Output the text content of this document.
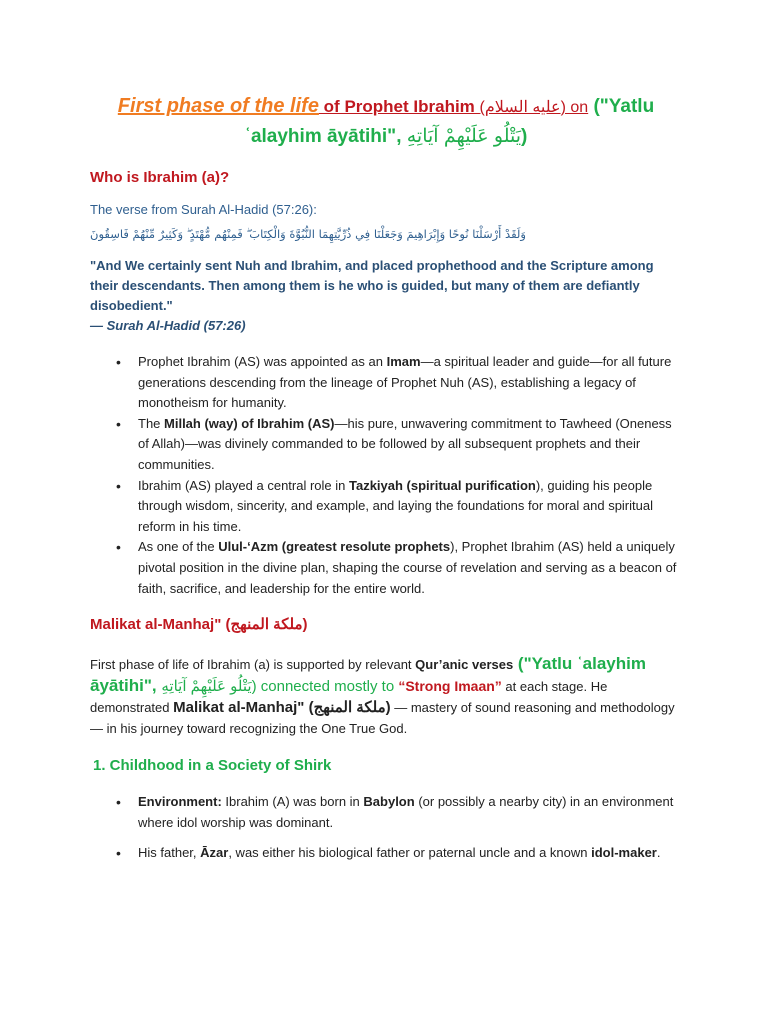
First phase of the life of Prophet Ibrahim (عليه السلام) on ("Yatlu ʿalayhim āyātihi", يَتْلُو عَلَيْهِمْ آيَاتِهِ)
Who is Ibrahim (a)?
The verse from Surah Al-Hadid (57:26):
وَلَقَدْ أَرْسَلْنَا نُوحًا وَإِبْرَاهِيمَ وَجَعَلْنَا فِي ذُرِّيَّتِهِمَا النُّبُوَّةَ وَالْكِتَابَ ۖ فَمِنْهُم مُّهْتَدٍ ۖ وَكَثِيرٌ مِّنْهُمْ فَاسِقُونَ
"And We certainly sent Nuh and Ibrahim, and placed prophethood and the Scripture among their descendants. Then among them is he who is guided, but many of them are defiantly disobedient."
— Surah Al-Hadid (57:26)
• Prophet Ibrahim (AS) was appointed as an Imam—a spiritual leader and guide—for all future generations descending from the lineage of Prophet Nuh (AS), establishing a legacy of monotheism for humanity.
• The Millah (way) of Ibrahim (AS)—his pure, unwavering commitment to Tawheed (Oneness of Allah)—was divinely commanded to be followed by all subsequent prophets and their communities.
• Ibrahim (AS) played a central role in Tazkiyah (spiritual purification), guiding his people through wisdom, sincerity, and example, and laying the foundations for moral and spiritual reform in his time.
• As one of the Ulul-‘Azm (greatest resolute prophets), Prophet Ibrahim (AS) held a uniquely pivotal position in the divine plan, shaping the course of revelation and serving as a beacon of faith, sacrifice, and leadership for the entire world.
Malikat al-Manhaj" (ملكة المنهج)
First phase of life of Ibrahim (a) is supported by relevant Qur’anic verses ("Yatlu ʿalayhim āyātihi", يَتْلُو عَلَيْهِمْ آيَاتِهِ) connected mostly to “Strong Imaan” at each stage. He demonstrated Malikat al-Manhaj" (ملكة المنهج) — mastery of sound reasoning and methodology — in his journey toward recognizing the One True God.
1. Childhood in a Society of Shirk
• Environment: Ibrahim (A) was born in Babylon (or possibly a nearby city) in an environment where idol worship was dominant.
• His father, Āzar, was either his biological father or paternal uncle and a known idol-maker.
